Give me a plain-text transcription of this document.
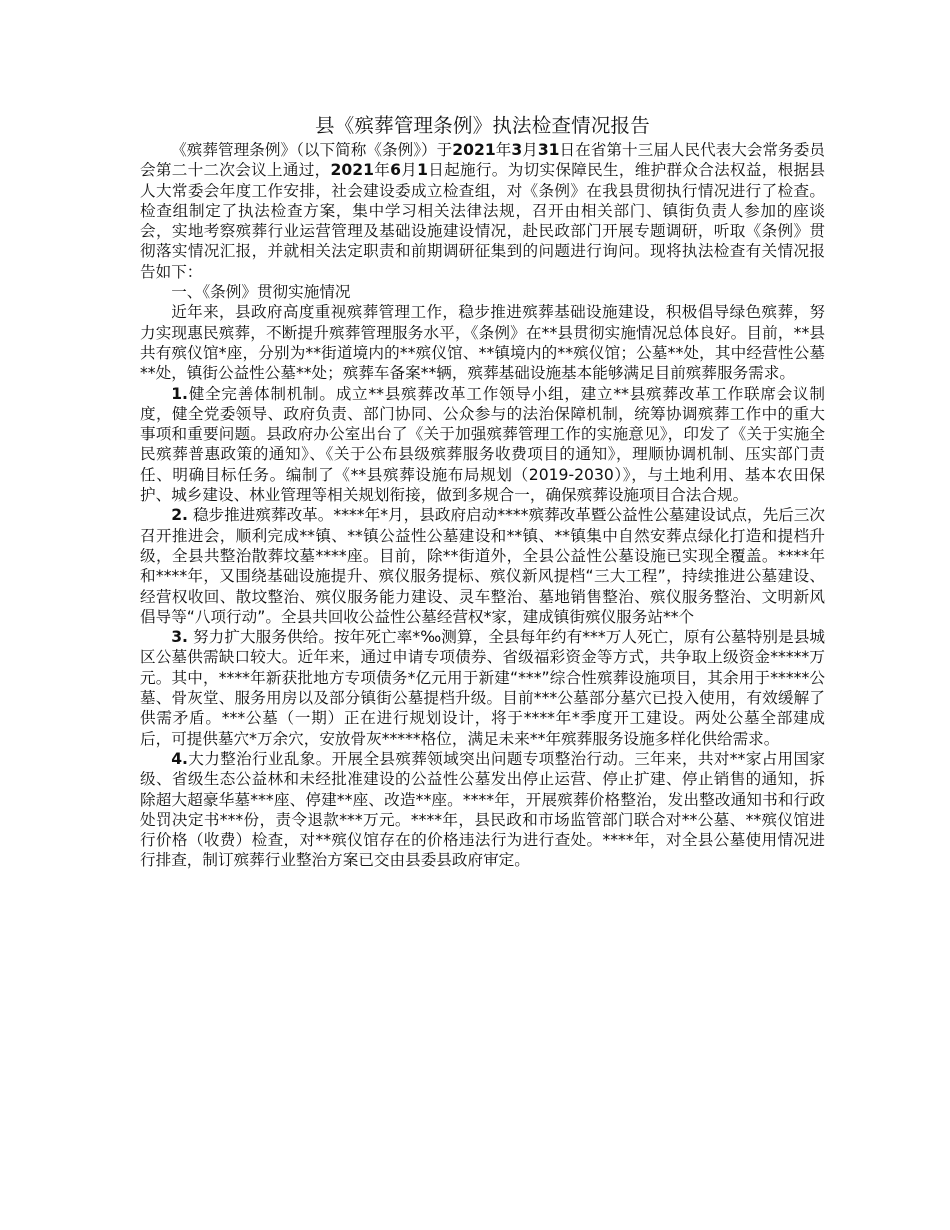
县《殡葬管理条例》执法检查情况报告

《殡葬管理条例》（以下简称《条例》）于2021年3月31日在省第十三届人民代表大会常务委员会第二十二次会议上通过，2021年6月1日起施行。为切实保障民生，维护群众合法权益，根据县人大常委会年度工作安排，社会建设委成立检查组，对《条例》在我县贯彻执行情况进行了检查。检查组制定了执法检查方案，集中学习相关法律法规，召开由相关部门、镇街负责人参加的座谈会，实地考察殡葬行业运营管理及基础设施建设情况，赴民政部门开展专题调研，听取《条例》贯彻落实情况汇报，并就相关法定职责和前期调研征集到的问题进行询问。现将执法检查有关情况报告如下：

一、《条例》贯彻实施情况

近年来，县政府高度重视殡葬管理工作，稳步推进殡葬基础设施建设，积极倡导绿色殡葬，努力实现惠民殡葬，不断提升殡葬管理服务水平，《条例》在**县贯彻实施情况总体良好。目前，**县共有殡仪馆*座，分别为**街道境内的**殡仪馆、**镇境内的**殡仪馆；公墓**处，其中经营性公墓**处，镇街公益性公墓**处；殡葬车备案**辆，殡葬基础设施基本能够满足目前殡葬服务需求。

1.健全完善体制机制。成立**县殡葬改革工作领导小组，建立**县殡葬改革工作联席会议制度，健全党委领导、政府负责、部门协同、公众参与的法治保障机制，统筹协调殡葬工作中的重大事项和重要问题。县政府办公室出台了《关于加强殡葬管理工作的实施意见》，印发了《关于实施全民殡葬普惠政策的通知》、《关于公布县级殡葬服务收费项目的通知》，理顺协调机制、压实部门责任、明确目标任务。编制了《**县殡葬设施布局规划（2019-2030）》，与土地利用、基本农田保护、城乡建设、林业管理等相关规划衔接，做到多规合一，确保殡葬设施项目合法合规。

2. 稳步推进殡葬改革。****年*月，县政府启动****殡葬改革暨公益性公墓建设试点，先后三次召开推进会，顺利完成**镇、**镇公益性公墓建设和**镇、**镇集中自然安葬点绿化打造和提档升级，全县共整治散葬坟墓****座。目前，除**街道外，全县公益性公墓设施已实现全覆盖。****年和****年，又围绕基础设施提升、殡仪服务提标、殡仪新风提档“三大工程”，持续推进公墓建设、经营权收回、散坟整治、殡仪服务能力建设、灵车整治、墓地销售整治、殡仪服务整治、文明新风倡导等“八项行动”。全县共回收公益性公墓经营权*家，建成镇街殡仪服务站**个

3. 努力扩大服务供给。按年死亡率*‰测算，全县每年约有***万人死亡，原有公墓特别是县城区公墓供需缺口较大。近年来，通过申请专项债券、省级福彩资金等方式，共争取上级资金*****万元。其中，****年新获批地方专项债务*亿元用于新建“***”综合性殡葬设施项目，其余用于*****公墓、骨灰堂、服务用房以及部分镇街公墓提档升级。目前***公墓部分墓穴已投入使用，有效缓解了供需矛盾。***公墓（一期）正在进行规划设计，将于****年*季度开工建设。两处公墓全部建成后，可提供墓穴*万余穴，安放骨灰*****格位，满足未来**年殡葬服务设施多样化供给需求。

4.大力整治行业乱象。开展全县殡葬领域突出问题专项整治行动。三年来，共对**家占用国家级、省级生态公益林和未经批准建设的公益性公墓发出停止运营、停止扩建、停止销售的通知，拆除超大超豪华墓***座、停建**座、改造**座。****年，开展殡葬价格整治，发出整改通知书和行政处罚决定书***份，责令退款***万元。****年，县民政和市场监管部门联合对**公墓、**殡仪馆进行价格（收费）检查，对**殡仪馆存在的价格违法行为进行查处。****年，对全县公墓使用情况进行排查，制订殡葬行业整治方案已交由县委县政府审定。
